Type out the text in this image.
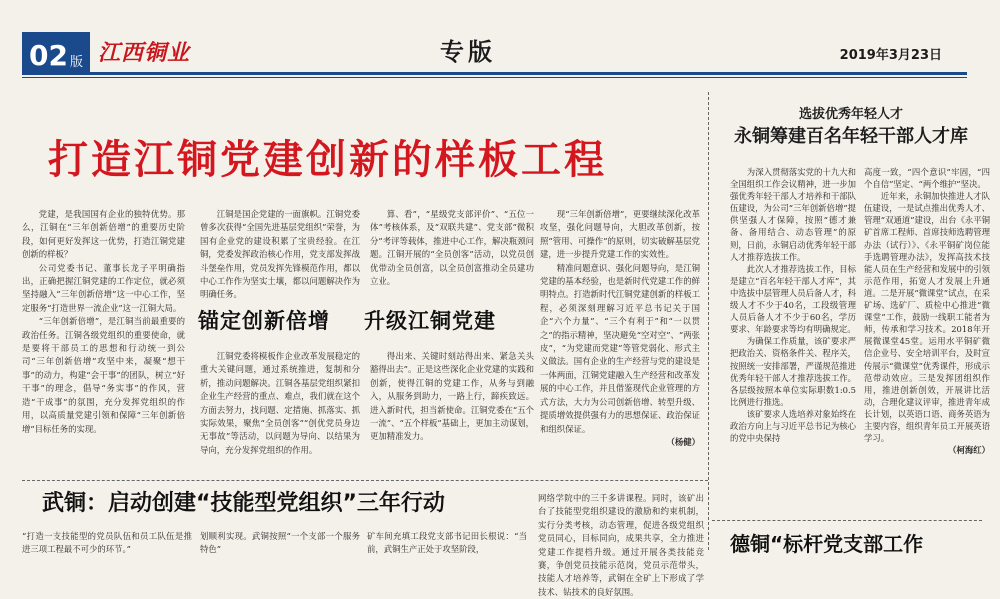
02 版 江西铜业	专版	2019年3月23日
打造江铜党建创新的样板工程

党建，是我国国有企业的独特优势。那么，江铜在“三年创新倍增”的重要历史阶段，如何更好发挥这一优势，打造江铜党建创新的样板？

公司党委书记、董事长龙子平明确指出，正确把握江铜党建的工作定位，就必须坚持融入“三年创新倍增”这一中心工作，坚定服务“打造世界一流企业”这一江铜大局。

“三年创新倍增”，是江铜当前最重要的政治任务。江铜各级党组织的重要使命，就是要将干部员工的思想和行动统一到公司“三年创新倍增”攻坚中来，凝聚“想干事”的动力，构建“会干事”的团队，树立“好干事”的理念，倡导“务实事”的作风，营造“干成事”的氛围，充分发挥党组织的作用，以高质量党建引领和保障“三年创新倍增”目标任务的实现。

江铜是国企党建的一面旗帜。江铜党委曾多次获得“全国先进基层党组织”荣誉，为国有企业党的建设积累了宝贵经验。在江铜，党委发挥政治核心作用，党支部发挥战斗堡垒作用，党员发挥先锋模范作用，都以中心工作作为坚实土壤，都以问题解决作为明确任务。

算、看”，“星级党支部评价”、“五位一体”考核体系，及“双联共建”、党支部“微积分”考评等载体，推进中心工作，解决瓶颈问题。江铜开展的“全员创客”活动，以党员创优带动全员创富，以全员创富推动全员建功立业。

锚定创新倍增 升级江铜党建

江铜党委将模板作企业改革发展稳定的重大关键问题，通过系统推进，复制和分析，推动问题解决。江铜各基层党组织紧扣企业生产经营的重点、难点，我们就在这个方面去努力，找问题、定措施、抓落实、抓实际效果，聚焦“全员创客”“创优党员身边无事故”等活动，以问题为导向、以结果为导向，充分发挥党组织的作用。

得出来、关键时刻站得出来、紧急关头豁得出去”。正是这些深化企业党建的实践和创新，使得江铜的党建工作，从务与到融入，从服务到助力，一路上行，蹄疾致远。进入新时代，担当新使命。江铜党委在“五个一流”、“五个样板”基础上，更加主动谋划，更加精准发力。

现“三年创新倍增”，更要继续深化改革攻坚，强化问题导向，大胆改革创新，按照“管用、可操作”的原则，切实破解基层党建，进一步提升党建工作的实效性。

精准问题意识、强化问题导向，是江铜党建的基本经验，也是新时代党建工作的鲜明特点。打造新时代江铜党建创新的样板工程，必须深刻理解习近平总书记关于国企“六个力量”、“三个有利于”和“一以贯之”的指示精神，坚决避免“空对空”、“两张皮”，“为党建而党建”等管党弱化、形式主义做法。国有企业的生产经营与党的建设是一体两面，江铜党建融入生产经营和改革发展的中心工作，并且借鉴现代企业管理的方式方法，大力为公司创新倍增、转型升级、提质增效提供强有力的思想保证、政治保证和组织保证。

（杨健）

选拔优秀年轻人才
永铜筹建百名年轻干部人才库

为深入贯彻落实党的十九大和全国组织工作会议精神，进一步加强优秀年轻干部人才培养和干部队伍建设，为公司“三年创新倍增”提供坚强人才保障，按照“德才兼备、备用结合、动态管理”的原则，日前，永铜启动优秀年轻干部人才推荐选拔工作。

此次人才推荐选拔工作，目标是建立“百名年轻干部人才库”，其中选拔中层管理人员后备人才，科级人才不少于40名，工段级管理人员后备人才不少于60名，学历要求、年龄要求等均有明确规定。

为确保工作质量，该矿要求严把政治关、资格条件关、程序关，按照统一安排部署，严谨规范推进优秀年轻干部人才推荐选拔工作。各层级按照本单位实际职数1:0.5比例进行推选。

该矿要求人选培养对象始终在政治方向上与习近平总书记为核心的党中央保持

高度一致，“四个意识”牢固，“四个自信”坚定、“两个维护”坚决。

近年来，永铜加快推进人才队伍建设，一是试点推出优秀人才、管理“双通道”建设，出台《永平铜矿首席工程师、首席技师选聘管理办法（试行）》、《永平铜矿岗位能手选聘管理办法》，发挥高技术技能人员在生产经营和发展中的引领示范作用，拓宽人才发展上升通道。二是开展“微课堂”试点，在采矿场、选矿厂、质检中心推进“微课堂”工作，鼓励一线职工能者为师，传承和学习技术。2018年开展微课堂45堂。运用水平铜矿微信企业号、安全培训平台，及时宣传展示“微课堂”优秀课件，形成示范带动效应。三是发挥团组织作用，推进创新创效，开展讲比活动，合理化建议评审，推进青年成长计划，以英语口语、商务英语为主要内容，组织青年员工开展英语学习。

（柯海红）

德铜“标杆党支部工作
武铜：启动创建“技能型党组织”三年行动
“打造一支技能型的党员队伍和员工队伍是推进三项工程最不可少的环节。”
划顺利实现。武铜按照“一个支部一个服务特色”
矿车间充填工段党支部书记田长根说：“当前，武铜生产正处于攻坚阶段，
网络学院中的三千多讲课程。同时，该矿出台了技能型党组织建设的激励和约束机制，实行分类考核，动态管理，促进各级党组织党员同心，目标同向，成果共享，全力推进党建工作提档升级。通过开展各类技能竞赛，争创党员技能示范岗，党员示范带头，技能人才培养等，武铜在全矿上下形成了学技术、钻技术的良好氛围。
